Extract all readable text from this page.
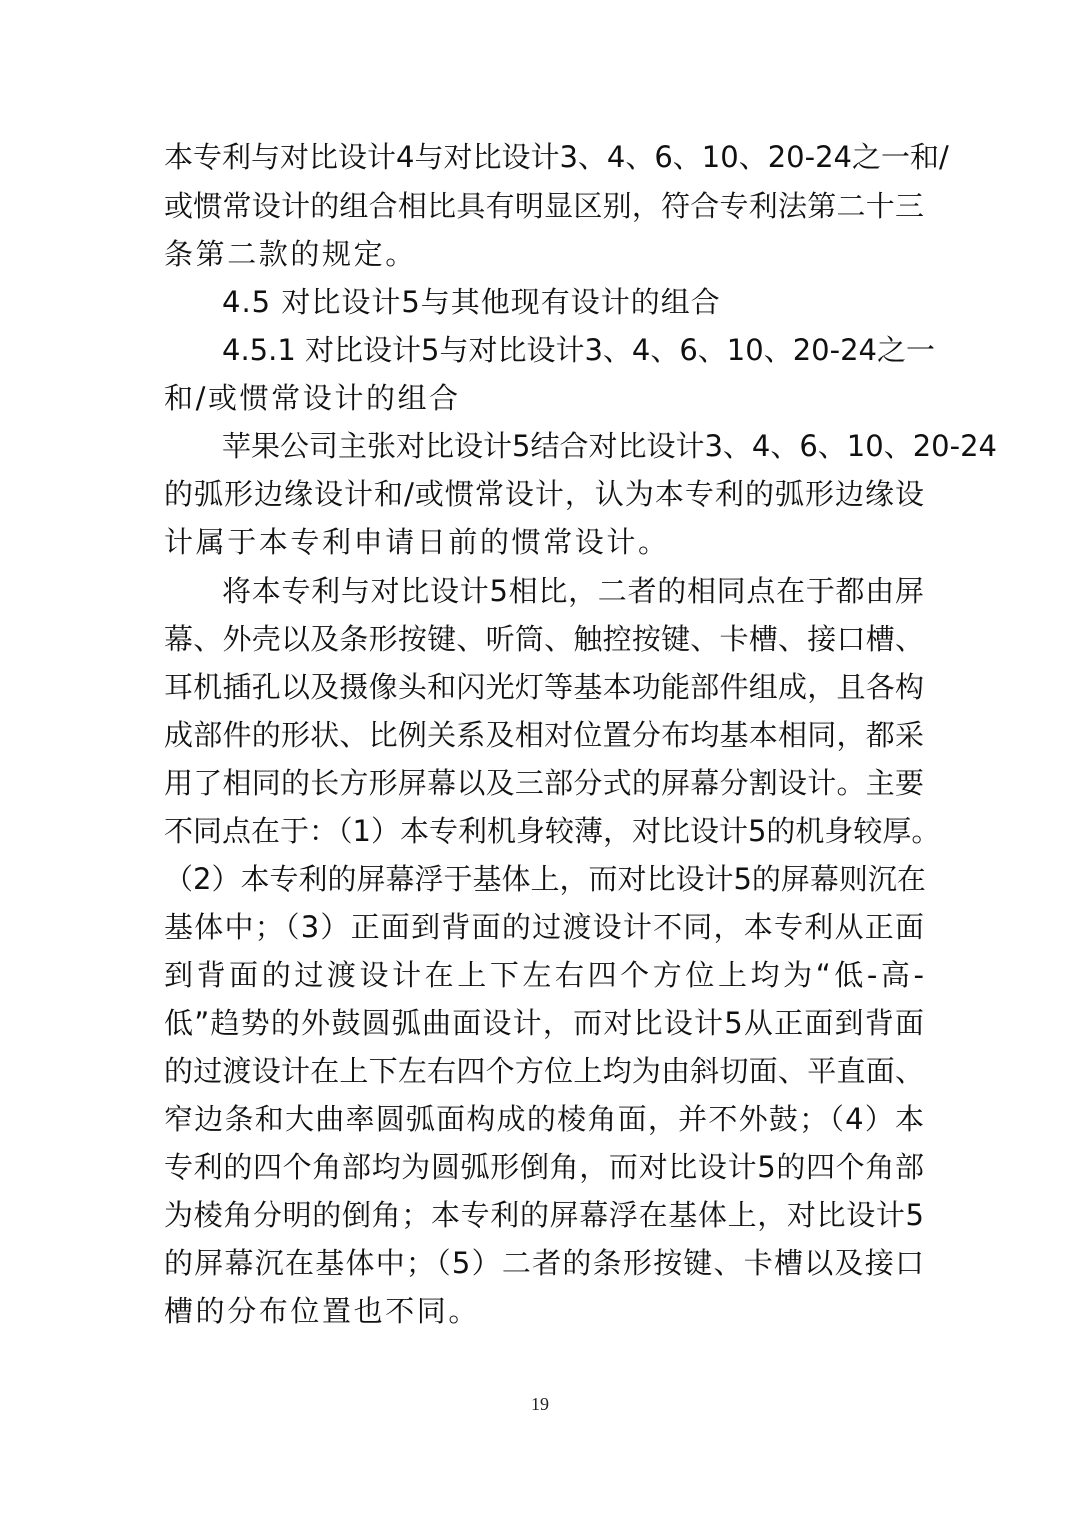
本专利与对比设计4与对比设计3、4、6、10、20-24之一和/
或惯常设计的组合相比具有明显区别，符合专利法第二十三
条第二款的规定。
4.5 对比设计5与其他现有设计的组合
4.5.1 对比设计5与对比设计3、4、6、10、20-24之一
和/或惯常设计的组合
苹果公司主张对比设计5结合对比设计3、4、6、10、20-24
的弧形边缘设计和/或惯常设计，认为本专利的弧形边缘设
计属于本专利申请日前的惯常设计。
将本专利与对比设计5相比，二者的相同点在于都由屏
幕、外壳以及条形按键、听筒、触控按键、卡槽、接口槽、
耳机插孔以及摄像头和闪光灯等基本功能部件组成，且各构
成部件的形状、比例关系及相对位置分布均基本相同，都采
用了相同的长方形屏幕以及三部分式的屏幕分割设计。主要
不同点在于：（1）本专利机身较薄，对比设计5的机身较厚。
（2）本专利的屏幕浮于基体上，而对比设计5的屏幕则沉在
基体中；（3）正面到背面的过渡设计不同，本专利从正面
到背面的过渡设计在上下左右四个方位上均为“低-高-
低”趋势的外鼓圆弧曲面设计，而对比设计5从正面到背面
的过渡设计在上下左右四个方位上均为由斜切面、平直面、
窄边条和大曲率圆弧面构成的棱角面，并不外鼓；（4）本
专利的四个角部均为圆弧形倒角，而对比设计5的四个角部
为棱角分明的倒角；本专利的屏幕浮在基体上，对比设计5
的屏幕沉在基体中；（5）二者的条形按键、卡槽以及接口
槽的分布位置也不同。
19
